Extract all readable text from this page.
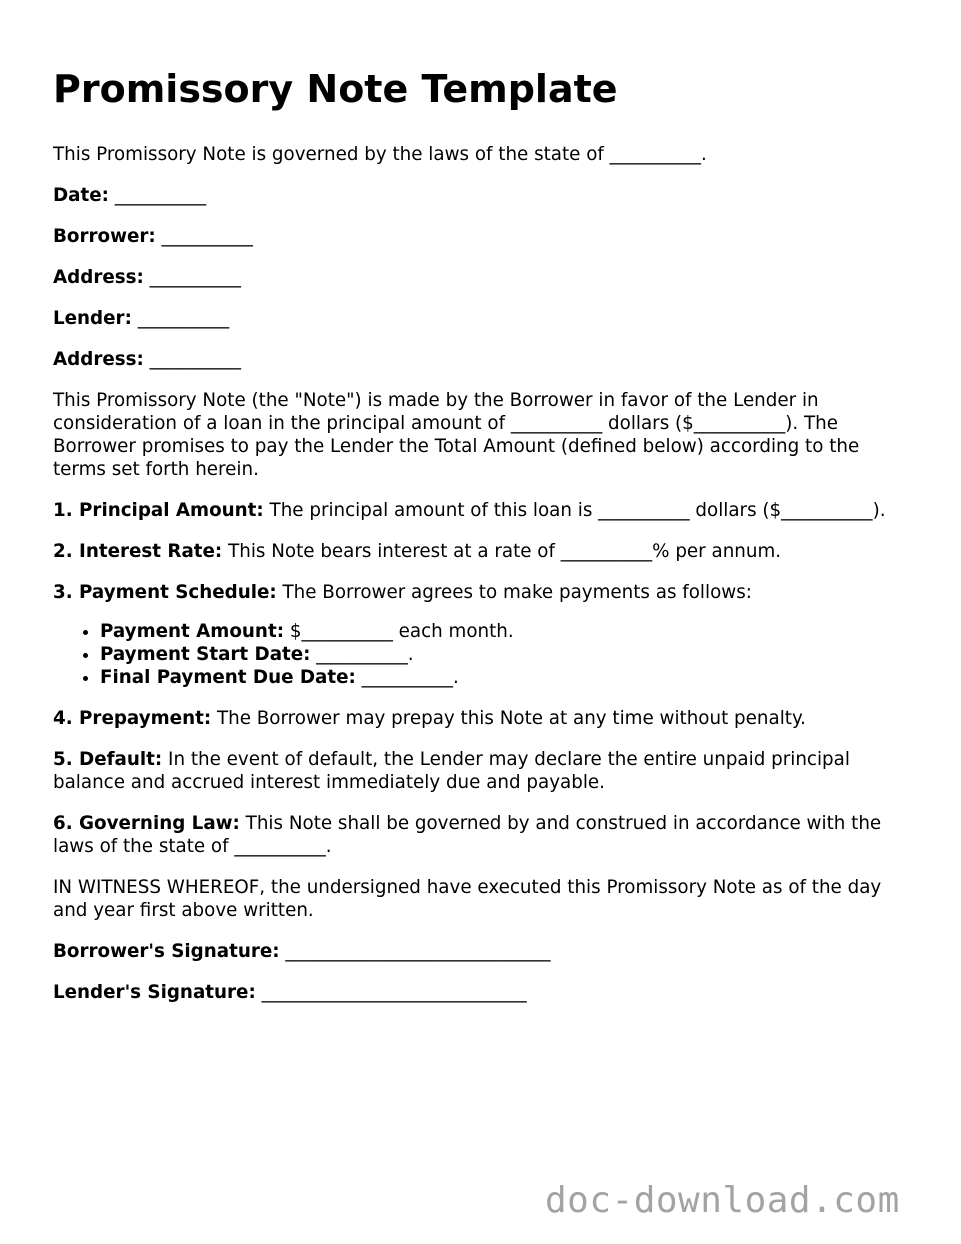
Promissory Note Template

This Promissory Note is governed by the laws of the state of __________.

Date: __________

Borrower: __________

Address: __________

Lender: __________

Address: __________

This Promissory Note (the "Note") is made by the Borrower in favor of the Lender in consideration of a loan in the principal amount of __________ dollars ($__________). The Borrower promises to pay the Lender the Total Amount (defined below) according to the terms set forth herein.

1. Principal Amount: The principal amount of this loan is __________ dollars ($__________).

2. Interest Rate: This Note bears interest at a rate of __________% per annum.

3. Payment Schedule: The Borrower agrees to make payments as follows:

• Payment Amount: $__________ each month.
• Payment Start Date: __________.
• Final Payment Due Date: __________.

4. Prepayment: The Borrower may prepay this Note at any time without penalty.

5. Default: In the event of default, the Lender may declare the entire unpaid principal balance and accrued interest immediately due and payable.

6. Governing Law: This Note shall be governed by and construed in accordance with the laws of the state of __________.

IN WITNESS WHEREOF, the undersigned have executed this Promissory Note as of the day and year first above written.

Borrower's Signature: _____________________________

Lender's Signature: _____________________________

doc-download.com
